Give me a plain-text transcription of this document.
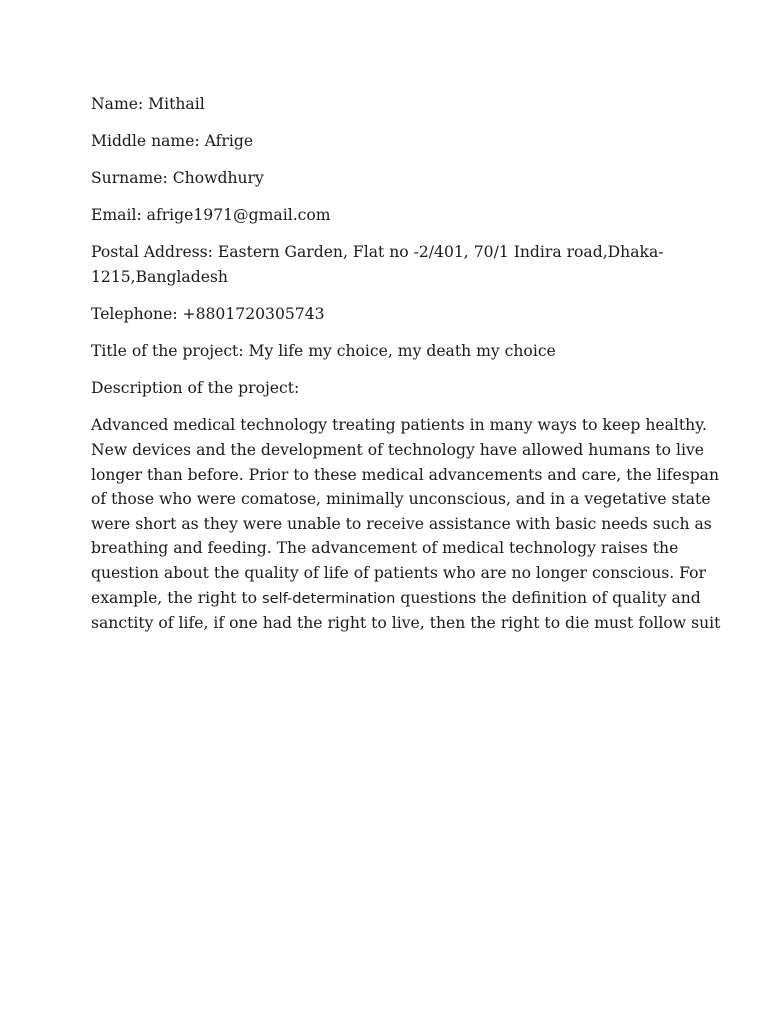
Name: Mithail

Middle name: Afrige

Surname: Chowdhury

Email: afrige1971@gmail.com

Postal Address: Eastern Garden, Flat no -2/401, 70/1 Indira road,Dhaka-
1215,Bangladesh

Telephone: +8801720305743

Title of the project: My life my choice, my death my choice

Description of the project:

Advanced medical technology treating patients in many ways to keep healthy.
New devices and the development of technology have allowed humans to live
longer than before. Prior to these medical advancements and care, the lifespan
of those who were comatose, minimally unconscious, and in a vegetative state
were short as they were unable to receive assistance with basic needs such as
breathing and feeding. The advancement of medical technology raises the
question about the quality of life of patients who are no longer conscious. For
example, the right to self-determination questions the definition of quality and
sanctity of life, if one had the right to live, then the right to die must follow suit
